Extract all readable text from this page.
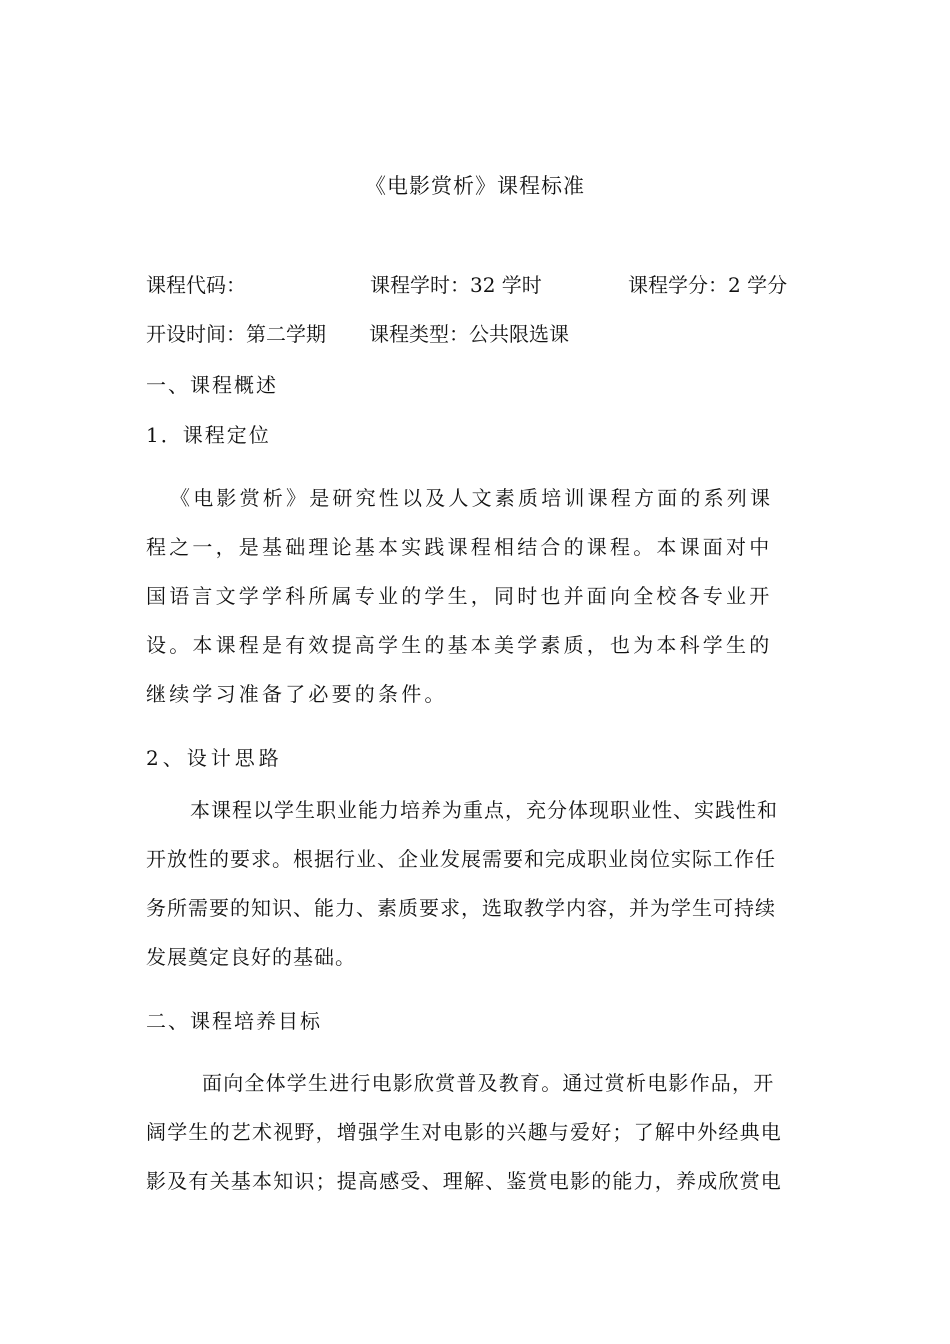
《电影赏析》课程标准
课程代码：	课程学时：32 学时	课程学分：2 学分
开设时间：第二学期 课程类型：公共限选课
一、课程概述
1．课程定位
《电影赏析》是研究性以及人文素质培训课程方面的系列课
程之一，是基础理论基本实践课程相结合的课程。本课面对中
国语言文学学科所属专业的学生，同时也并面向全校各专业开
设。本课程是有效提高学生的基本美学素质，也为本科学生的
继续学习准备了必要的条件。
2、设计思路
本课程以学生职业能力培养为重点，充分体现职业性、实践性和
开放性的要求。根据行业、企业发展需要和完成职业岗位实际工作任
务所需要的知识、能力、素质要求，选取教学内容，并为学生可持续
发展奠定良好的基础。
二、课程培养目标
面向全体学生进行电影欣赏普及教育。通过赏析电影作品，开
阔学生的艺术视野，增强学生对电影的兴趣与爱好；了解中外经典电
影及有关基本知识；提高感受、理解、鉴赏电影的能力，养成欣赏电
